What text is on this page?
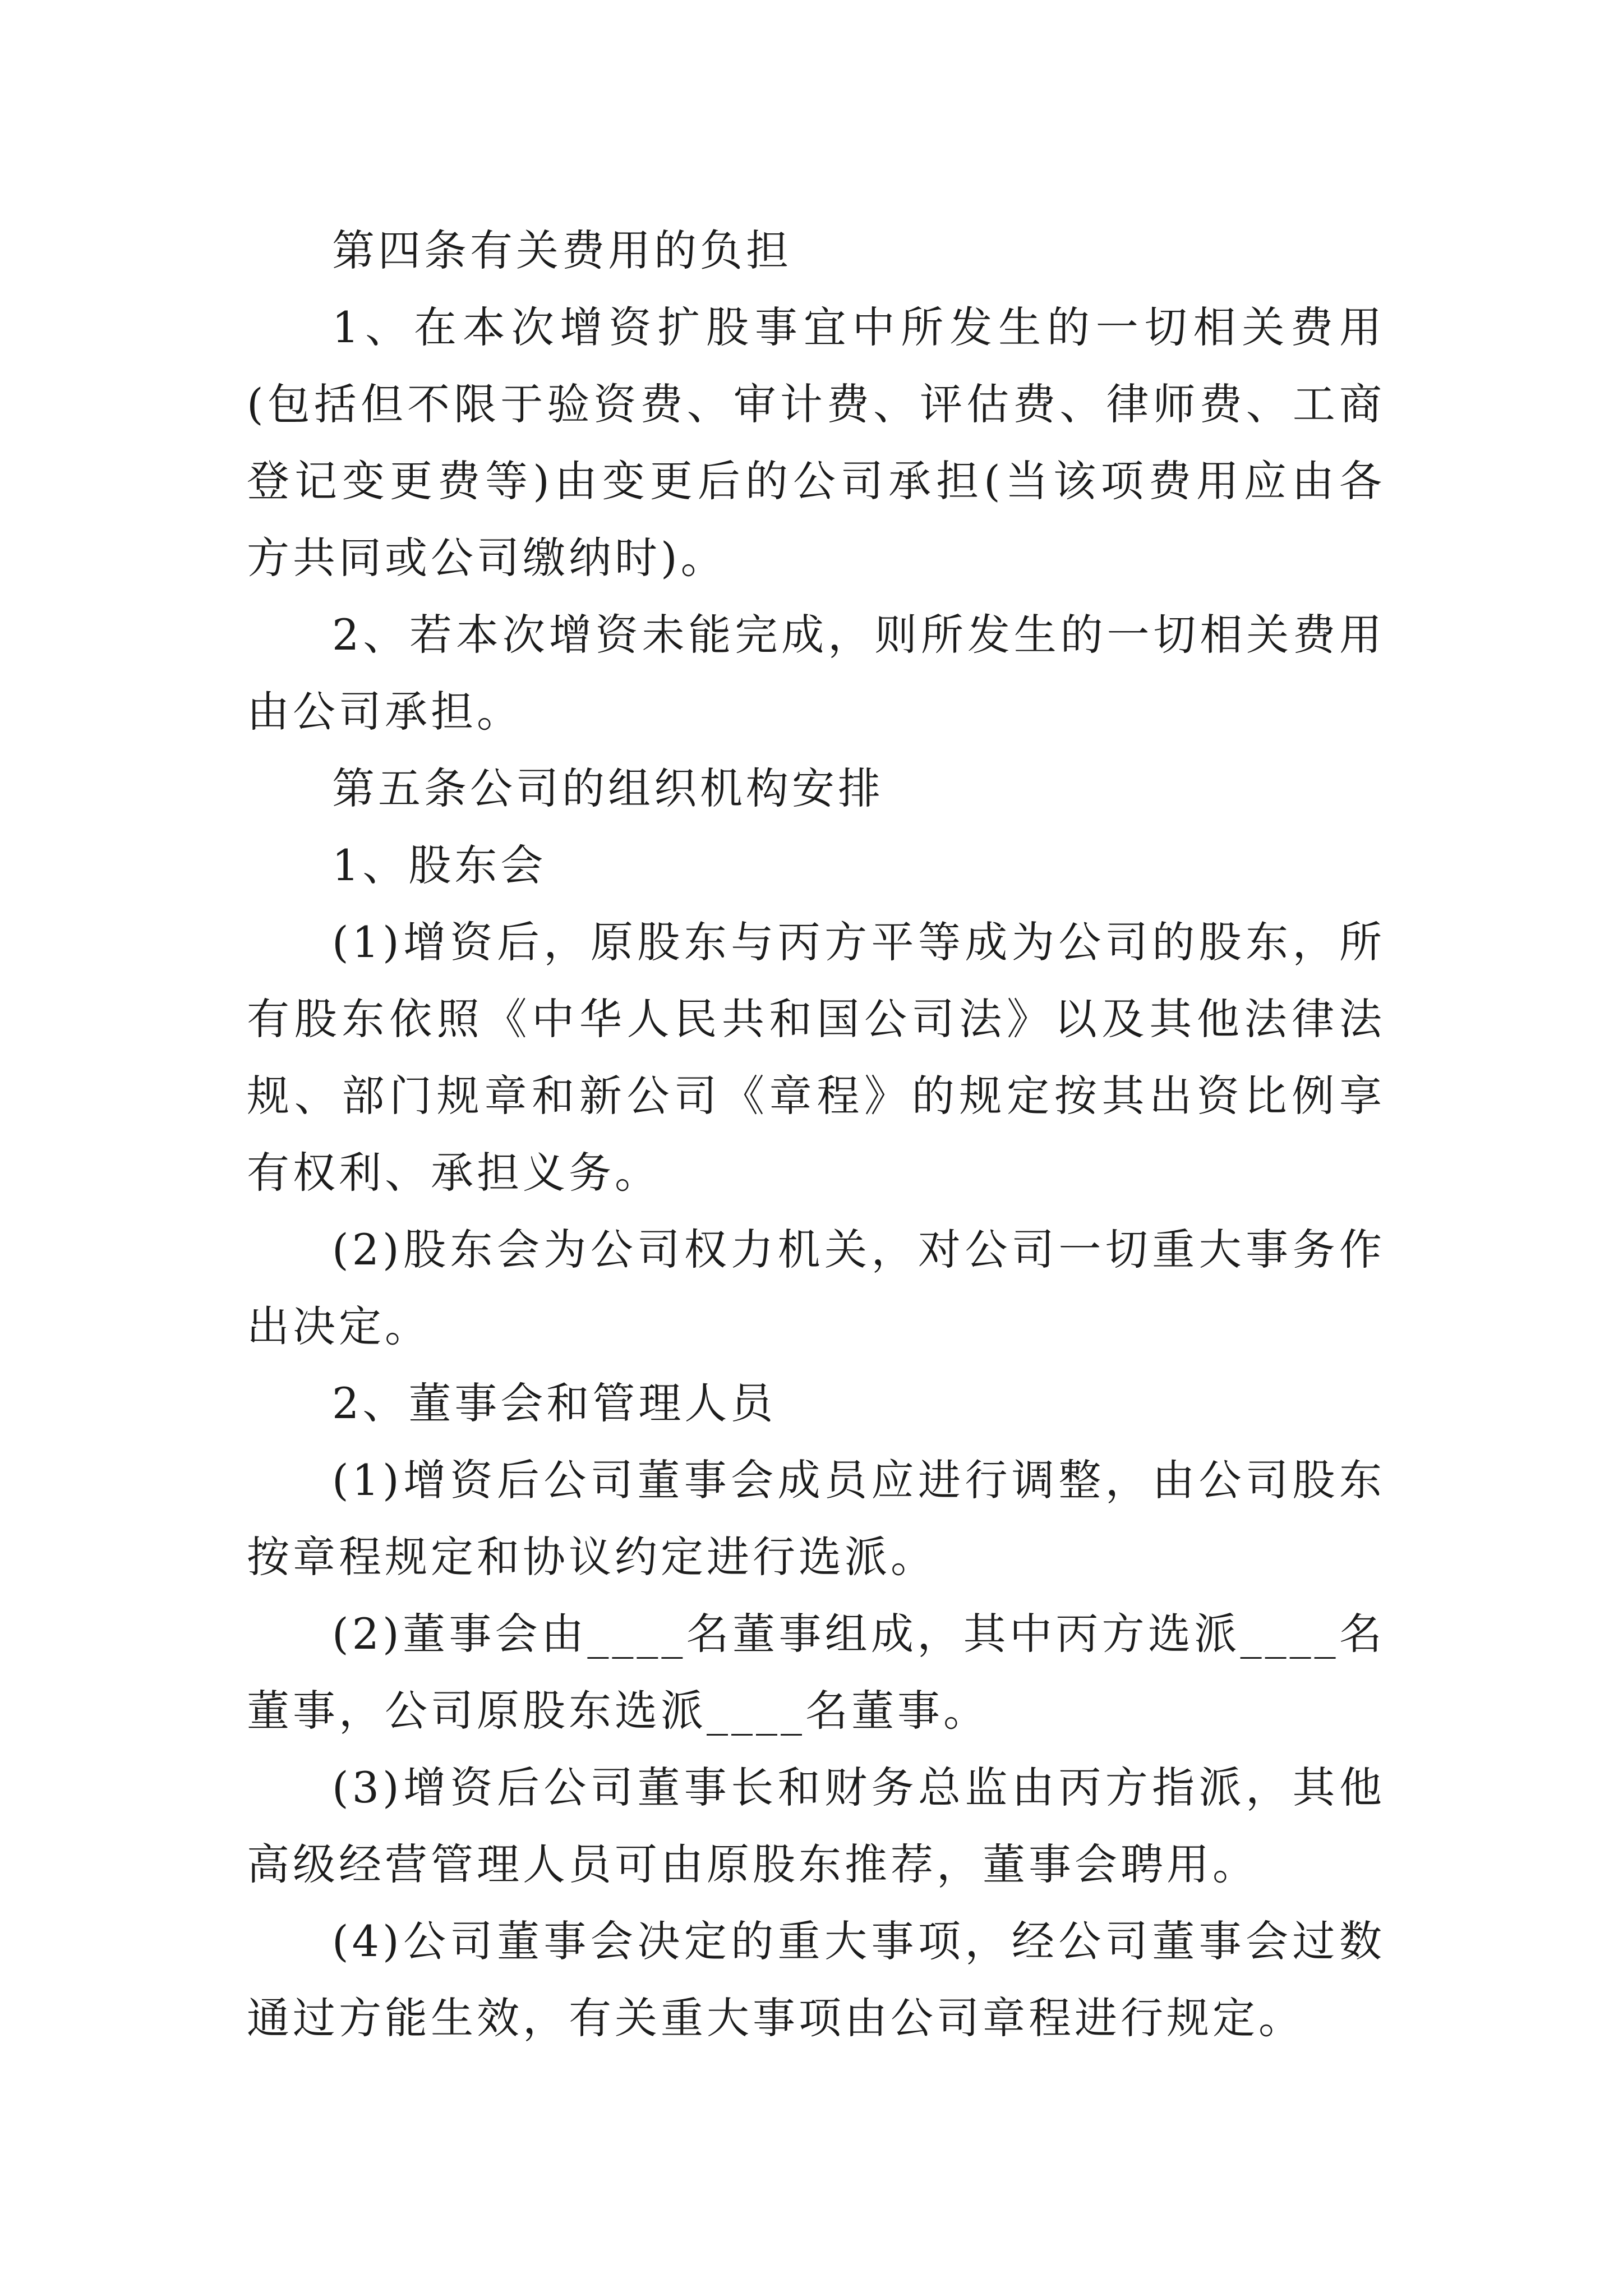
第四条有关费用的负担

1、在本次增资扩股事宜中所发生的一切相关费用(包括但不限于验资费、审计费、评估费、律师费、工商登记变更费等)由变更后的公司承担(当该项费用应由各方共同或公司缴纳时)。

2、若本次增资未能完成，则所发生的一切相关费用由公司承担。

第五条公司的组织机构安排

1、股东会

(1)增资后，原股东与丙方平等成为公司的股东，所有股东依照《中华人民共和国公司法》以及其他法律法规、部门规章和新公司《章程》的规定按其出资比例享有权利、承担义务。

(2)股东会为公司权力机关，对公司一切重大事务作出决定。

2、董事会和管理人员

(1)增资后公司董事会成员应进行调整，由公司股东按章程规定和协议约定进行选派。

(2)董事会由____名董事组成，其中丙方选派____名董事，公司原股东选派____名董事。

(3)增资后公司董事长和财务总监由丙方指派，其他高级经营管理人员可由原股东推荐，董事会聘用。

(4)公司董事会决定的重大事项，经公司董事会过数通过方能生效，有关重大事项由公司章程进行规定。
